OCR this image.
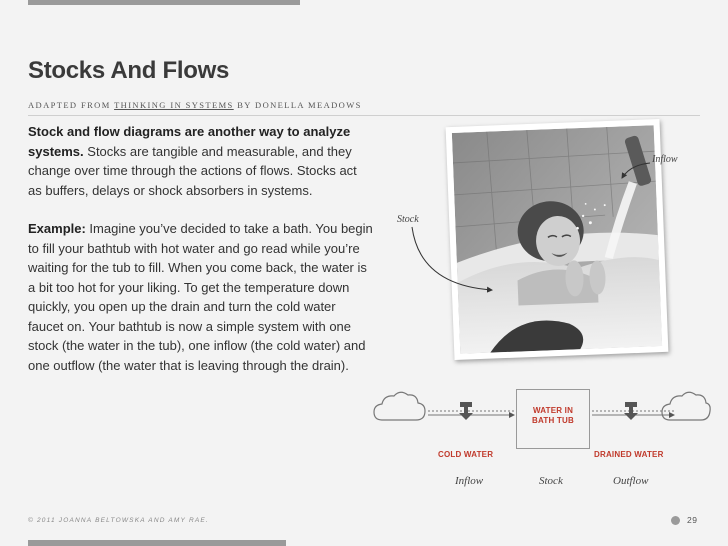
Stocks And Flows
ADAPTED FROM THINKING IN SYSTEMS BY DONELLA MEADOWS

Stock and flow diagrams are another way to analyze systems. Stocks are tangible and measurable, and they change over time through the actions of flows. Stocks act as buffers, delays or shock absorbers in systems.

Example: Imagine you’ve decided to take a bath. You begin to fill your bathtub with hot water and go read while you’re waiting for the tub to fill. When you come back, the water is a bit too hot for your liking. To get the temperature down quickly, you open up the drain and turn the cold water faucet on. Your bathtub is now a simple system with one stock (the water in the tub), one inflow (the cold water) and one outflow (the water that is leaving through the drain).

Inflow
Stock
WATER IN
BATH TUB
COLD WATER	DRAINED WATER
Inflow	Stock	Outflow
© 2011 JOANNA BELTOWSKA AND AMY RAE.	29
